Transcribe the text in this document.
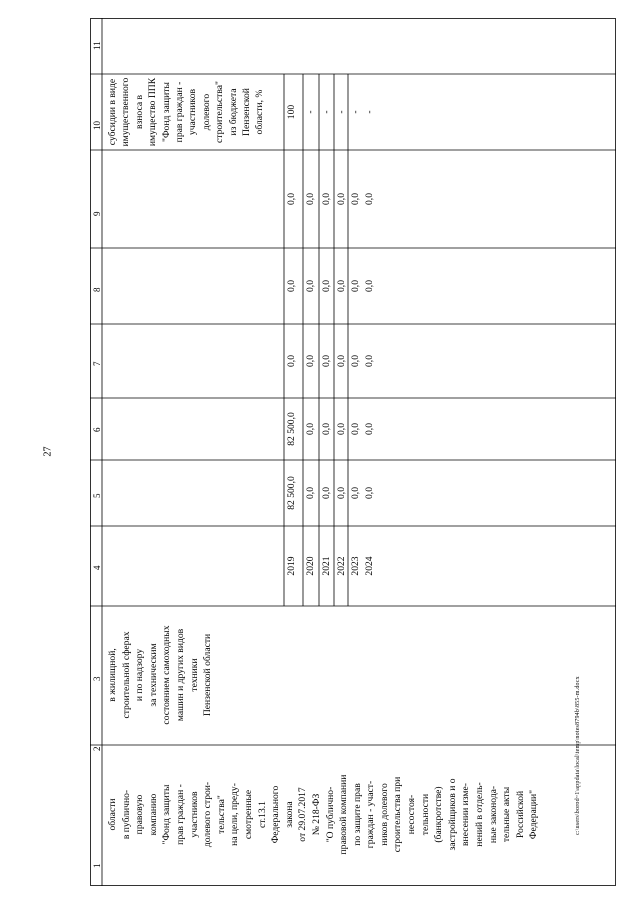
27
c:\users\borod~1\appdata\local\temp\notes8794b\855-m.docx
1
2
3
4
5
6
7
8
9
10
11
области в публично- правовую компанию "Фонд защиты прав граждан - участников долевого строи- тельства" на цели, преду- смотренные ст.13.1 Федерального закона от 29.07.2017 № 218-ФЗ "О публично- правовой компании по защите прав граждан - участ- ников долевого строительства при несостоя- тельности (банкротстве) застройщиков и о внесении изме- нений в отдель- ные законода- тельные акты Российской Федерации"
в жилищной, строительной сферах и по надзору за техническим состоянием самоходных машин и других видов техники Пензенской области
субсидии в виде имущественного взноса в имущество ППК "Фонд защиты прав граждан - участников долевого строительства" из бюджета Пензенской области, %
2019
82 500,0
82 500,0
0,0
0,0
0,0
100
2020
0,0
0,0
0,0
0,0
0,0
-
2021
0,0
0,0
0,0
0,0
0,0
-
2022
0,0
0,0
0,0
0,0
0,0
-
2023
0,0
0,0
0,0
0,0
0,0
-
2024
0,0
0,0
0,0
0,0
0,0
-
